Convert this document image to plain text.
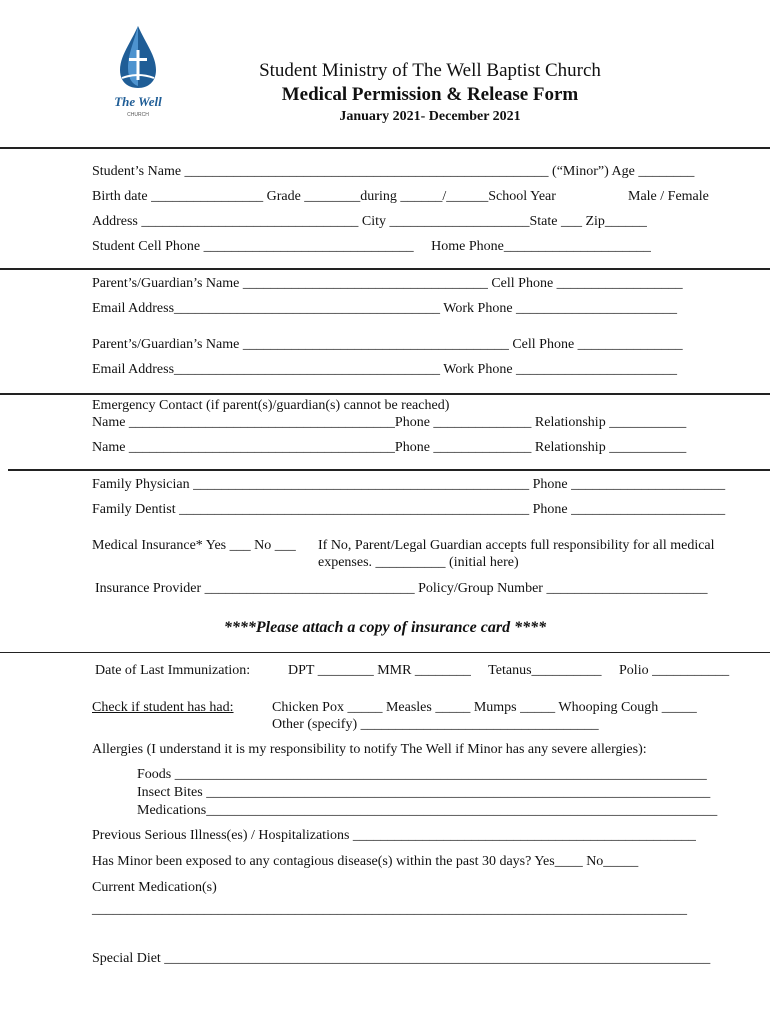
The Well
CHURCH
Student Ministry of The Well Baptist Church
Medical Permission & Release Form
January 2021- December 2021
Student’s Name ____________________________________________________ (“Minor”) Age ________
Birth date ________________ Grade ________during ______/______School Year	Male / Female
Address _______________________________ City ____________________State ___ Zip______
Student Cell Phone ______________________________     Home Phone_____________________
Parent’s/Guardian’s Name ___________________________________ Cell Phone __________________
Email Address______________________________________ Work Phone _______________________
Parent’s/Guardian’s Name ______________________________________ Cell Phone _______________
Email Address______________________________________ Work Phone _______________________
Emergency Contact (if parent(s)/guardian(s) cannot be reached)
Name ______________________________________Phone ______________ Relationship ___________
Name ______________________________________Phone ______________ Relationship ___________
Family Physician ________________________________________________ Phone ______________________
Family Dentist __________________________________________________ Phone ______________________
Medical Insurance* Yes ___ No ___ If No, Parent/Legal Guardian accepts full responsibility for all medical
expenses. __________ (initial here)
Insurance Provider ______________________________ Policy/Group Number _______________________
****Please attach a copy of insurance card ****
Date of Last Immunization:	DPT ________ MMR ________     Tetanus__________     Polio ___________
Check if student has had:	Chicken Pox _____ Measles _____ Mumps _____ Whooping Cough _____
Other (specify) __________________________________
Allergies (I understand it is my responsibility to notify The Well if Minor has any severe allergies):
Foods ____________________________________________________________________________
Insect Bites ________________________________________________________________________
Medications_________________________________________________________________________
Previous Serious Illness(es) / Hospitalizations _________________________________________________
Has Minor been exposed to any contagious disease(s) within the past 30 days? Yes____ No_____
Current Medication(s)
_____________________________________________________________________________________
Special Diet ______________________________________________________________________________
